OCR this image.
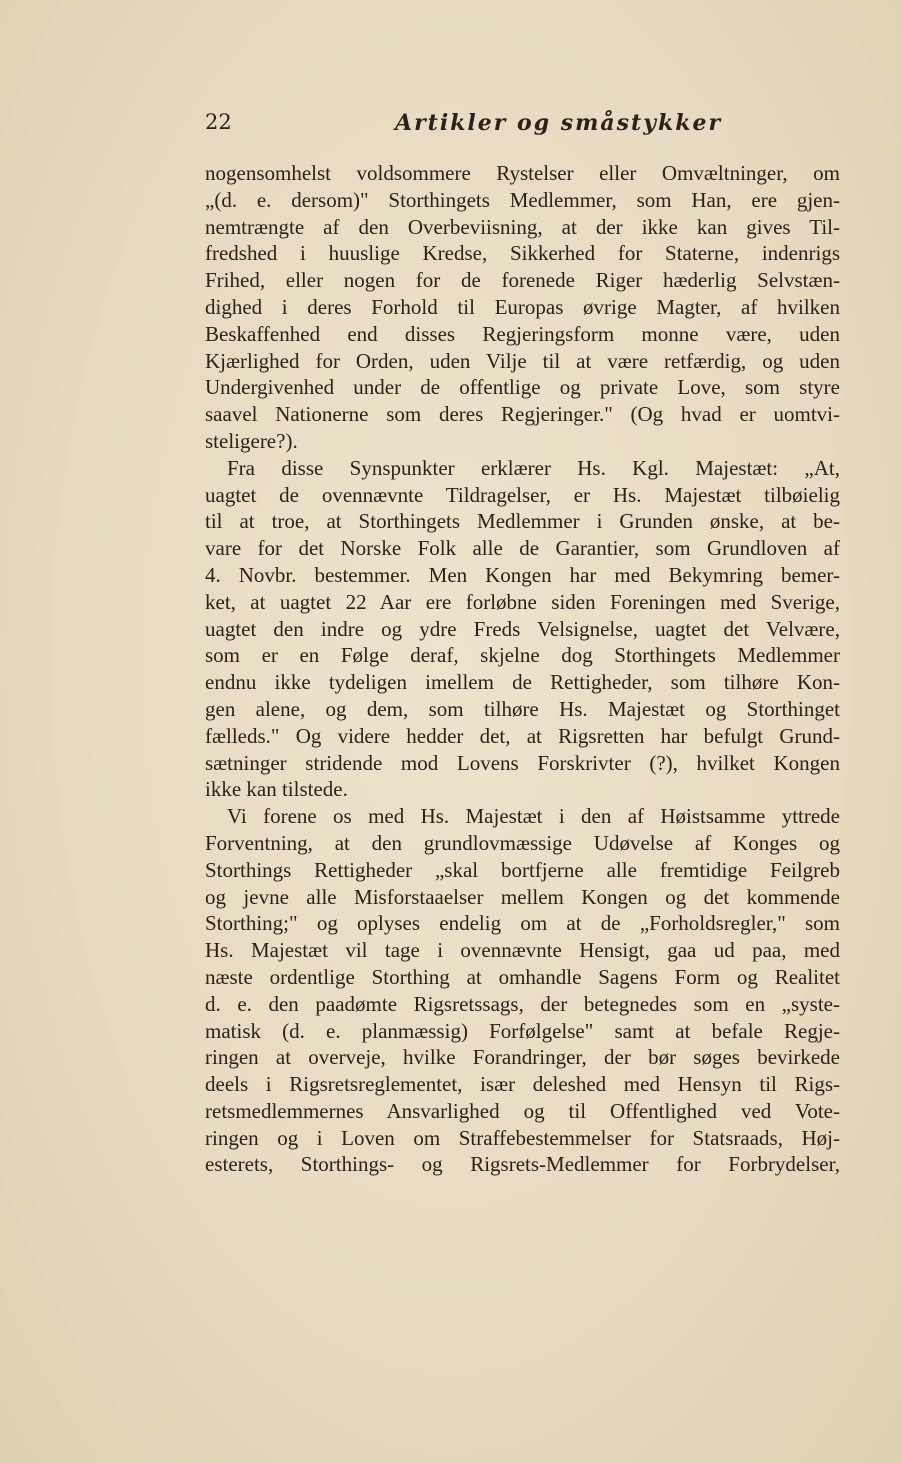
22	Artikler og småstykker
nogensomhelst voldsommere Rystelser eller Omvæltninger, om
„(d. e. dersom)" Storthingets Medlemmer, som Han, ere gjen-
nemtrængte af den Overbeviisning, at der ikke kan gives Til-
fredshed i huuslige Kredse, Sikkerhed for Staterne, indenrigs
Frihed, eller nogen for de forenede Riger hæderlig Selvstæn-
dighed i deres Forhold til Europas øvrige Magter, af hvilken
Beskaffenhed end disses Regjeringsform monne være, uden
Kjærlighed for Orden, uden Vilje til at være retfærdig, og uden
Undergivenhed under de offentlige og private Love, som styre
saavel Nationerne som deres Regjeringer." (Og hvad er uomtvi-
steligere?).
Fra disse Synspunkter erklærer Hs. Kgl. Majestæt: „At,
uagtet de ovennævnte Tildragelser, er Hs. Majestæt tilbøielig
til at troe, at Storthingets Medlemmer i Grunden ønske, at be-
vare for det Norske Folk alle de Garantier, som Grundloven af
4. Novbr. bestemmer. Men Kongen har med Bekymring bemer-
ket, at uagtet 22 Aar ere forløbne siden Foreningen med Sverige,
uagtet den indre og ydre Freds Velsignelse, uagtet det Velvære,
som er en Følge deraf, skjelne dog Storthingets Medlemmer
endnu ikke tydeligen imellem de Rettigheder, som tilhøre Kon-
gen alene, og dem, som tilhøre Hs. Majestæt og Storthinget
fælleds." Og videre hedder det, at Rigsretten har befulgt Grund-
sætninger stridende mod Lovens Forskrivter (?), hvilket Kongen
ikke kan tilstede.
Vi forene os med Hs. Majestæt i den af Høistsamme yttrede
Forventning, at den grundlovmæssige Udøvelse af Konges og
Storthings Rettigheder „skal bortfjerne alle fremtidige Feilgreb
og jevne alle Misforstaaelser mellem Kongen og det kommende
Storthing;" og oplyses endelig om at de „Forholdsregler," som
Hs. Majestæt vil tage i ovennævnte Hensigt, gaa ud paa, med
næste ordentlige Storthing at omhandle Sagens Form og Realitet
d. e. den paadømte Rigsretssags, der betegnedes som en „syste-
matisk (d. e. planmæssig) Forfølgelse" samt at befale Regje-
ringen at overveje, hvilke Forandringer, der bør søges bevirkede
deels i Rigsretsreglementet, især deleshed med Hensyn til Rigs-
retsmedlemmernes Ansvarlighed og til Offentlighed ved Vote-
ringen og i Loven om Straffebestemmelser for Statsraads, Høj-
esterets, Storthings- og Rigsrets-Medlemmer for Forbrydelser,
